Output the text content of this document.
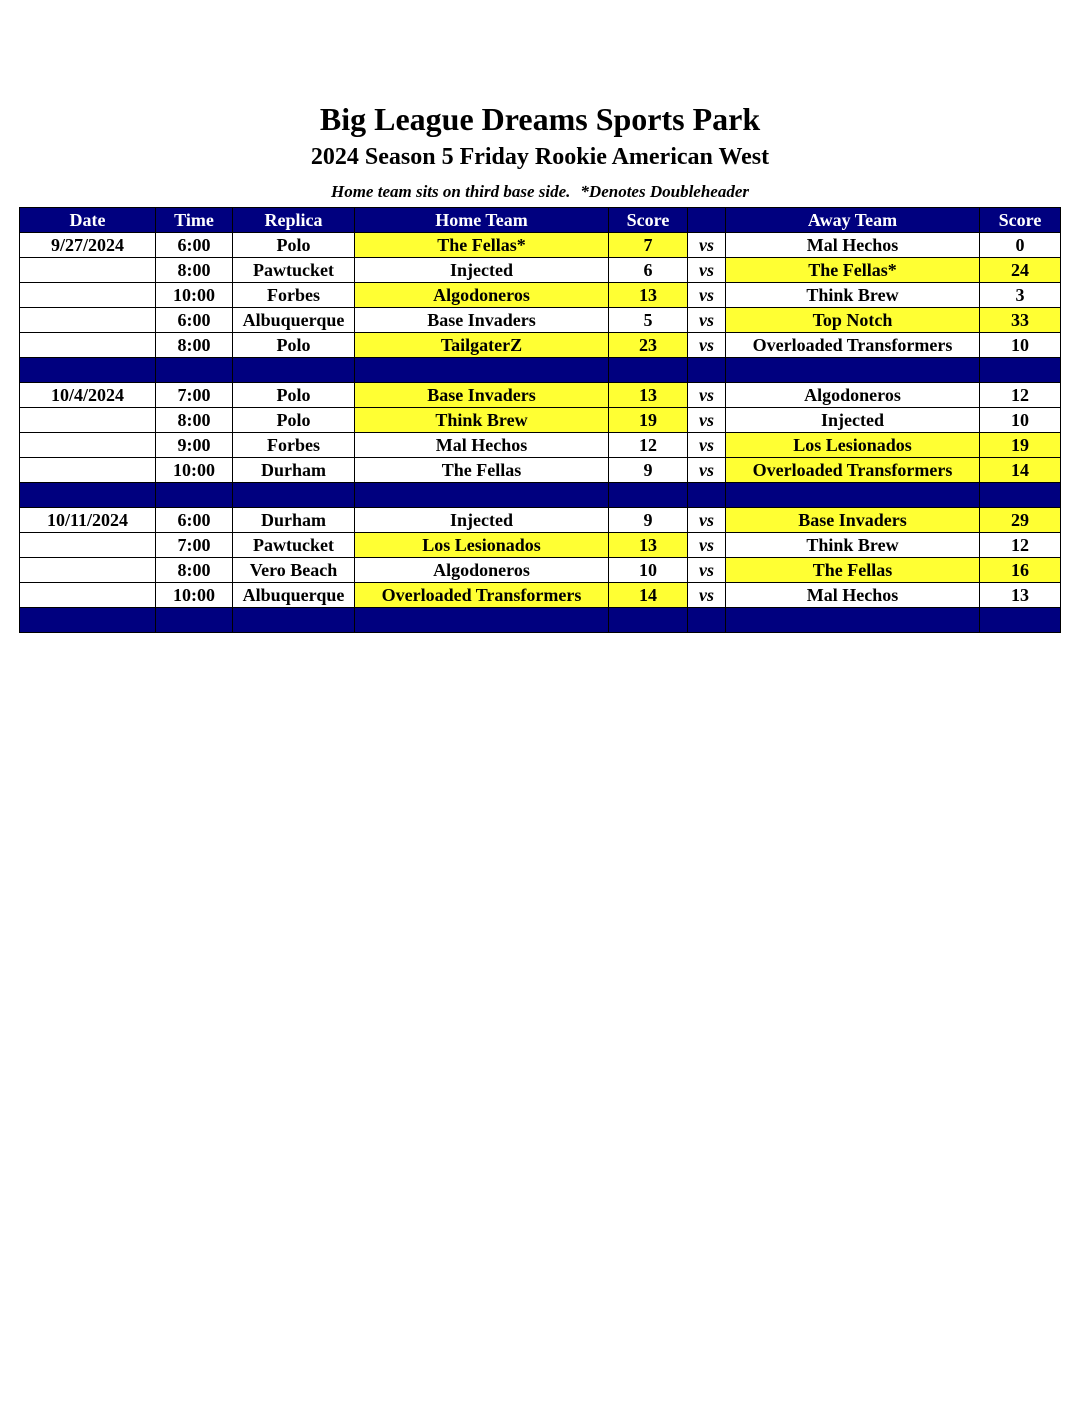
Big League Dreams Sports Park
2024 Season 5 Friday Rookie American West
Home team sits on third base side. *Denotes Doubleheader
Date	Time	Replica	Home Team	Score		Away Team	Score
9/27/2024	6:00	Polo	The Fellas*	7	vs	Mal Hechos	0
	8:00	Pawtucket	Injected	6	vs	The Fellas*	24
	10:00	Forbes	Algodoneros	13	vs	Think Brew	3
	6:00	Albuquerque	Base Invaders	5	vs	Top Notch	33
	8:00	Polo	TailgaterZ	23	vs	Overloaded Transformers	10

10/4/2024	7:00	Polo	Base Invaders	13	vs	Algodoneros	12
	8:00	Polo	Think Brew	19	vs	Injected	10
	9:00	Forbes	Mal Hechos	12	vs	Los Lesionados	19
	10:00	Durham	The Fellas	9	vs	Overloaded Transformers	14

10/11/2024	6:00	Durham	Injected	9	vs	Base Invaders	29
	7:00	Pawtucket	Los Lesionados	13	vs	Think Brew	12
	8:00	Vero Beach	Algodoneros	10	vs	The Fellas	16
	10:00	Albuquerque	Overloaded Transformers	14	vs	Mal Hechos	13
